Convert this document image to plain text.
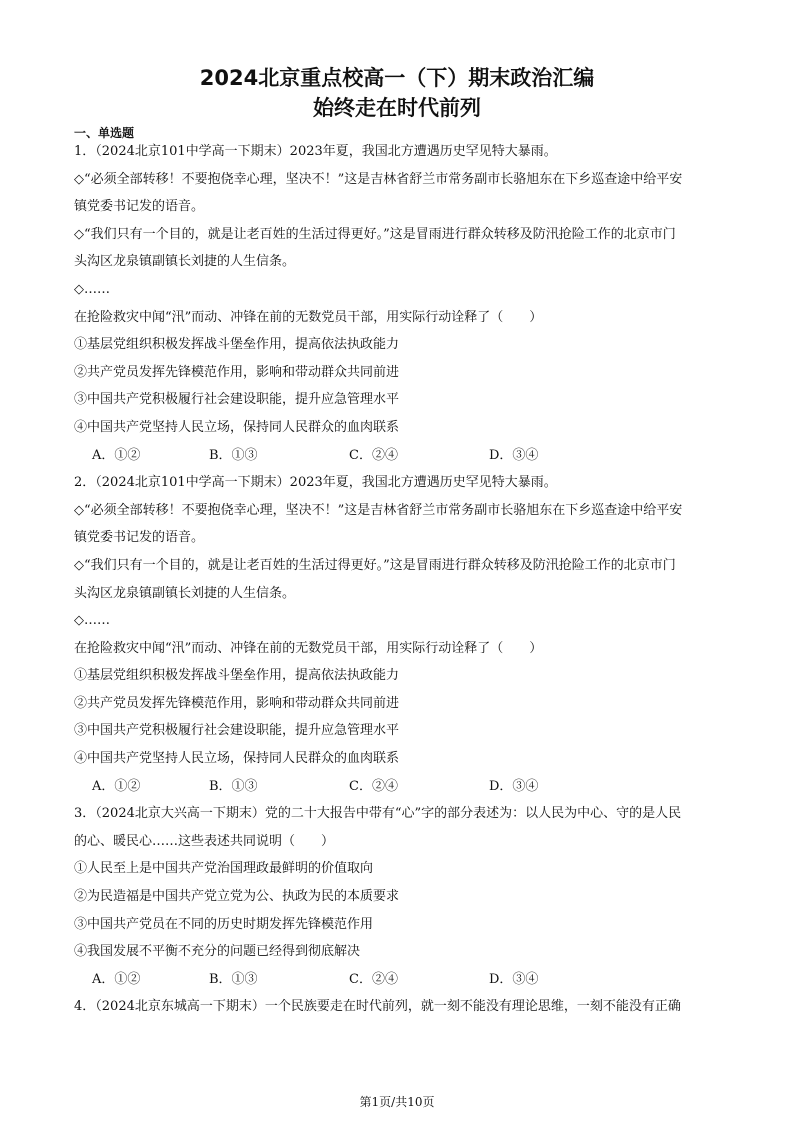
2024北京重点校高一（下）期末政治汇编
始终走在时代前列
一、单选题
1．（2024北京101中学高一下期末）2023年夏，我国北方遭遇历史罕见特大暴雨。
◇“必须全部转移！不要抱侥幸心理，坚决不！”这是吉林省舒兰市常务副市长骆旭东在下乡巡查途中给平安
镇党委书记发的语音。
◇“我们只有一个目的，就是让老百姓的生活过得更好。”这是冒雨进行群众转移及防汛抢险工作的北京市门
头沟区龙泉镇副镇长刘捷的人生信条。
◇……
在抢险救灾中闻“汛”而动、冲锋在前的无数党员干部，用实际行动诠释了（　　）
①基层党组织积极发挥战斗堡垒作用，提高依法执政能力
②共产党员发挥先锋模范作用，影响和带动群众共同前进
③中国共产党积极履行社会建设职能，提升应急管理水平
④中国共产党坚持人民立场，保持同人民群众的血肉联系
A．①②	B．①③	C．②④	D．③④
2．（2024北京101中学高一下期末）2023年夏，我国北方遭遇历史罕见特大暴雨。
◇“必须全部转移！不要抱侥幸心理，坚决不！”这是吉林省舒兰市常务副市长骆旭东在下乡巡查途中给平安
镇党委书记发的语音。
◇“我们只有一个目的，就是让老百姓的生活过得更好。”这是冒雨进行群众转移及防汛抢险工作的北京市门
头沟区龙泉镇副镇长刘捷的人生信条。
◇……
在抢险救灾中闻“汛”而动、冲锋在前的无数党员干部，用实际行动诠释了（　　）
①基层党组织积极发挥战斗堡垒作用，提高依法执政能力
②共产党员发挥先锋模范作用，影响和带动群众共同前进
③中国共产党积极履行社会建设职能，提升应急管理水平
④中国共产党坚持人民立场，保持同人民群众的血肉联系
A．①②	B．①③	C．②④	D．③④
3．（2024北京大兴高一下期末）党的二十大报告中带有“心”字的部分表述为：以人民为中心、守的是人民
的心、暖民心……这些表述共同说明（　　）
①人民至上是中国共产党治国理政最鲜明的价值取向
②为民造福是中国共产党立党为公、执政为民的本质要求
③中国共产党员在不同的历史时期发挥先锋模范作用
④我国发展不平衡不充分的问题已经得到彻底解决
A．①②	B．①③	C．②④	D．③④
4．（2024北京东城高一下期末）一个民族要走在时代前列，就一刻不能没有理论思维，一刻不能没有正确
第1页/共10页
